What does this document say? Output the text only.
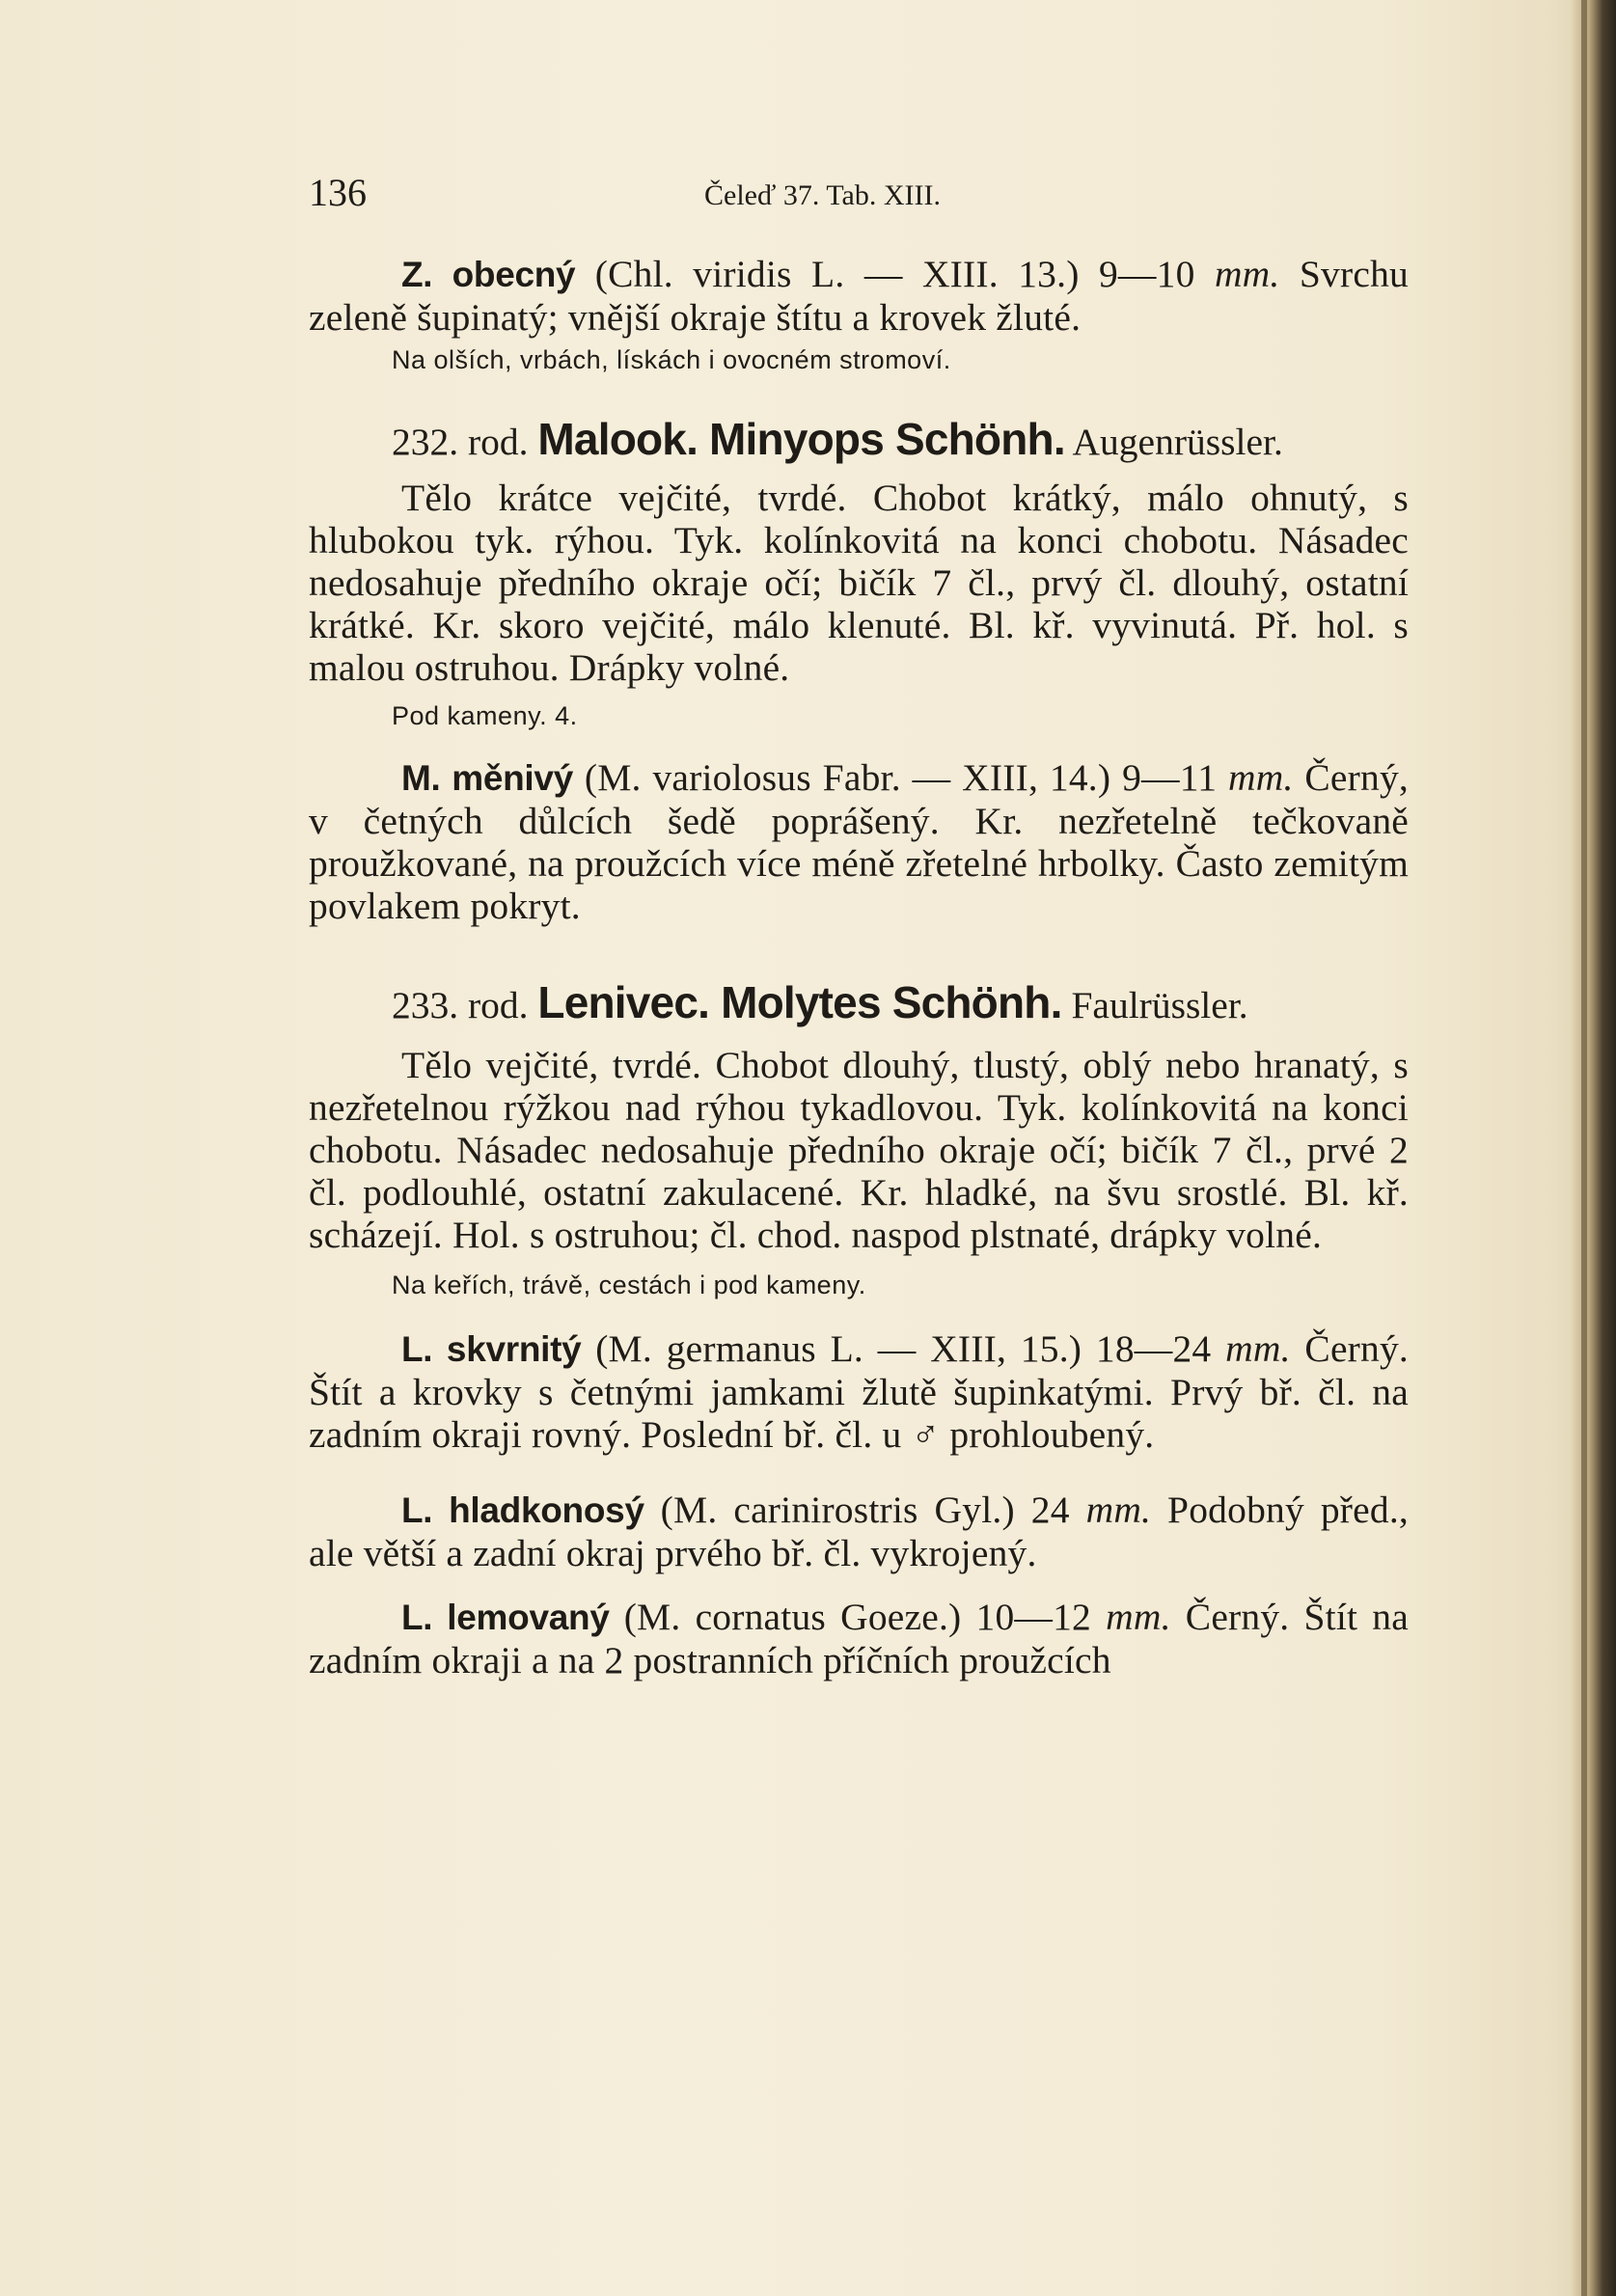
136	Čeleď 37. Tab. XIII.

Z. obecný (Chl. viridis L. — XIII. 13.) 9—10 mm. Svrchu zeleně šupinatý; vnější okraje štítu a krovek žluté.

Na olších, vrbách, lískách i ovocném stromoví.
232. rod. Malook. Minyops Schönh. Augenrüssler.

Tělo krátce vejčité, tvrdé. Chobot krátký, málo ohnutý, s hlubokou tyk. rýhou. Tyk. kolínkovitá na konci chobotu. Násadec nedosahuje předního okraje očí; bičík 7 čl., prvý čl. dlouhý, ostatní krátké. Kr. skoro vejčité, málo klenuté. Bl. kř. vyvinutá. Př. hol. s malou ostruhou. Drápky volné.

Pod kameny. 4.

M. měnivý (M. variolosus Fabr. — XIII, 14.) 9—11 mm. Černý, v četných důlcích šedě poprášený. Kr. nezřetelně tečkovaně proužkované, na proužcích více méně zřetelné hrbolky. Často zemitým povlakem pokryt.

233. rod. Lenivec. Molytes Schönh. Faulrüssler.

Tělo vejčité, tvrdé. Chobot dlouhý, tlustý, oblý nebo hranatý, s nezřetelnou rýžkou nad rýhou tykadlovou. Tyk. kolínkovitá na konci chobotu. Násadec nedosahuje předního okraje očí; bičík 7 čl., prvé 2 čl. podlouhlé, ostatní zakulacené. Kr. hladké, na švu srostlé. Bl. kř. scházejí. Hol. s ostruhou; čl. chod. naspod plstnaté, drápky volné.

Na keřích, trávě, cestách i pod kameny.

L. skvrnitý (M. germanus L. — XIII, 15.) 18—24 mm. Černý. Štít a krovky s četnými jamkami žlutě šupinkatými. Prvý bř. čl. na zadním okraji rovný. Poslední bř. čl. u ♂ prohloubený.

L. hladkonosý (M. carinirostris Gyl.) 24 mm. Podobný před., ale větší a zadní okraj prvého bř. čl. vykrojený.

L. lemovaný (M. cornatus Goeze.) 10—12 mm. Černý. Štít na zadním okraji a na 2 postranních příčních proužcích
